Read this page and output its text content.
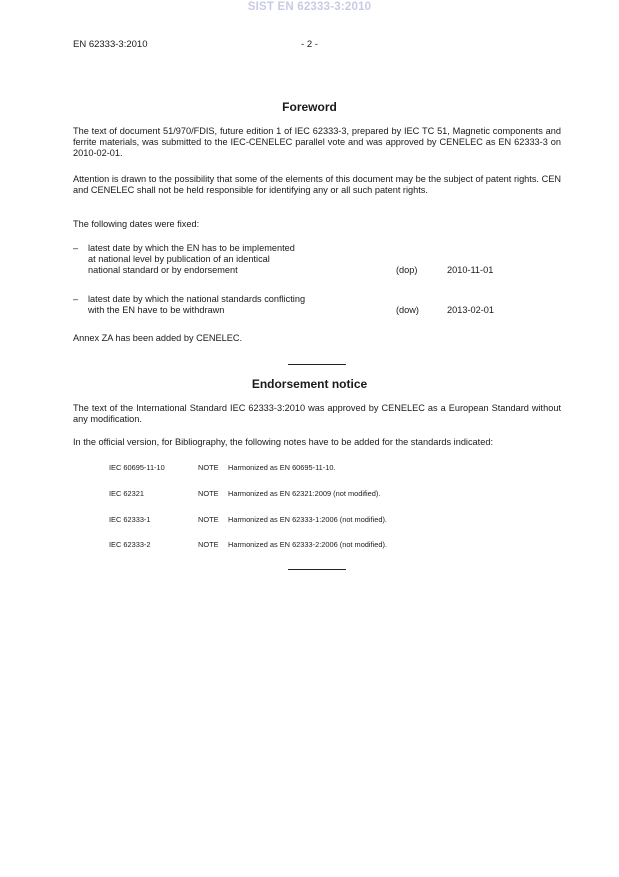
SIST EN 62333-3:2010
EN 62333-3:2010	- 2 -
Foreword
The text of document 51/970/FDIS, future edition 1 of IEC 62333-3, prepared by IEC TC 51, Magnetic components and ferrite materials, was submitted to the IEC-CENELEC parallel vote and was approved by CENELEC as EN 62333-3 on 2010-02-01.
Attention is drawn to the possibility that some of the elements of this document may be the subject of patent rights. CEN and CENELEC shall not be held responsible for identifying any or all such patent rights.
The following dates were fixed:
– latest date by which the EN has to be implemented
at national level by publication of an identical
national standard or by endorsement	(dop)	2010-11-01
– latest date by which the national standards conflicting
with the EN have to be withdrawn	(dow)	2013-02-01
Annex ZA has been added by CENELEC.
Endorsement notice
The text of the International Standard IEC 62333-3:2010 was approved by CENELEC as a European Standard without any modification.
In the official version, for Bibliography, the following notes have to be added for the standards indicated:
IEC 60695-11-10	NOTE Harmonized as EN 60695-11-10.
IEC 62321	NOTE Harmonized as EN 62321:2009 (not modified).
IEC 62333-1	NOTE Harmonized as EN 62333-1:2006 (not modified).
IEC 62333-2	NOTE Harmonized as EN 62333-2:2006 (not modified).
